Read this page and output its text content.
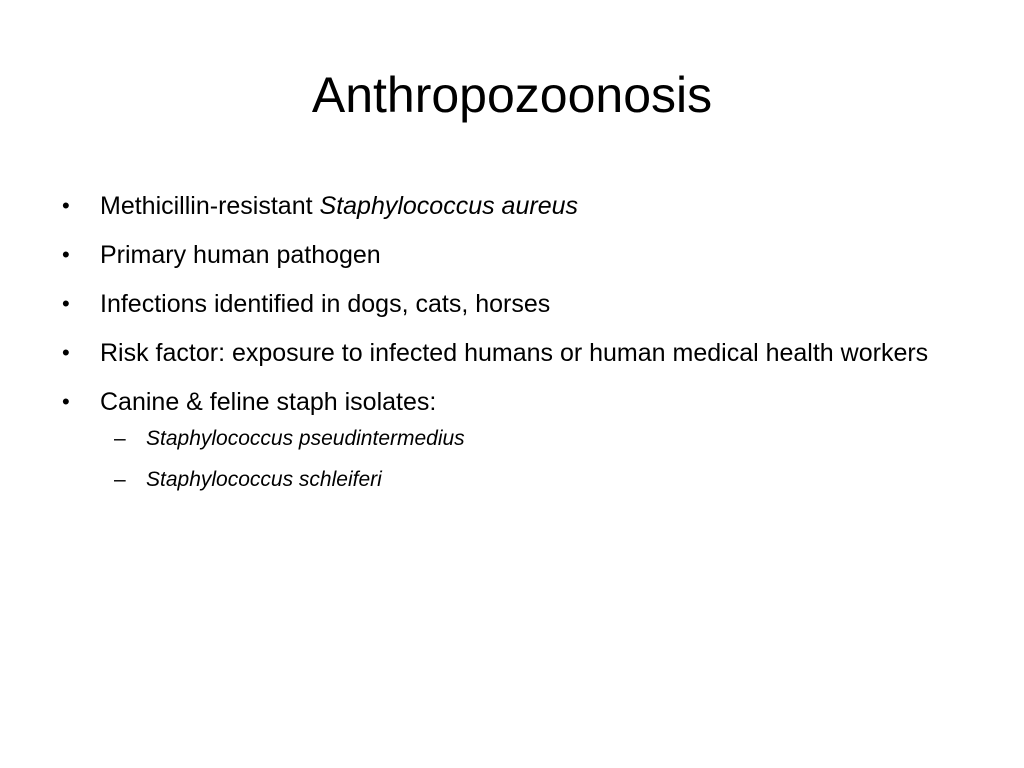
Anthropozoonosis
•	Methicillin-resistant Staphylococcus aureus
•	Primary human pathogen
•	Infections identified in dogs, cats, horses
•	Risk factor: exposure to infected humans or human medical health workers
•	Canine & feline staph isolates:
– Staphylococcus pseudintermedius
– Staphylococcus schleiferi
